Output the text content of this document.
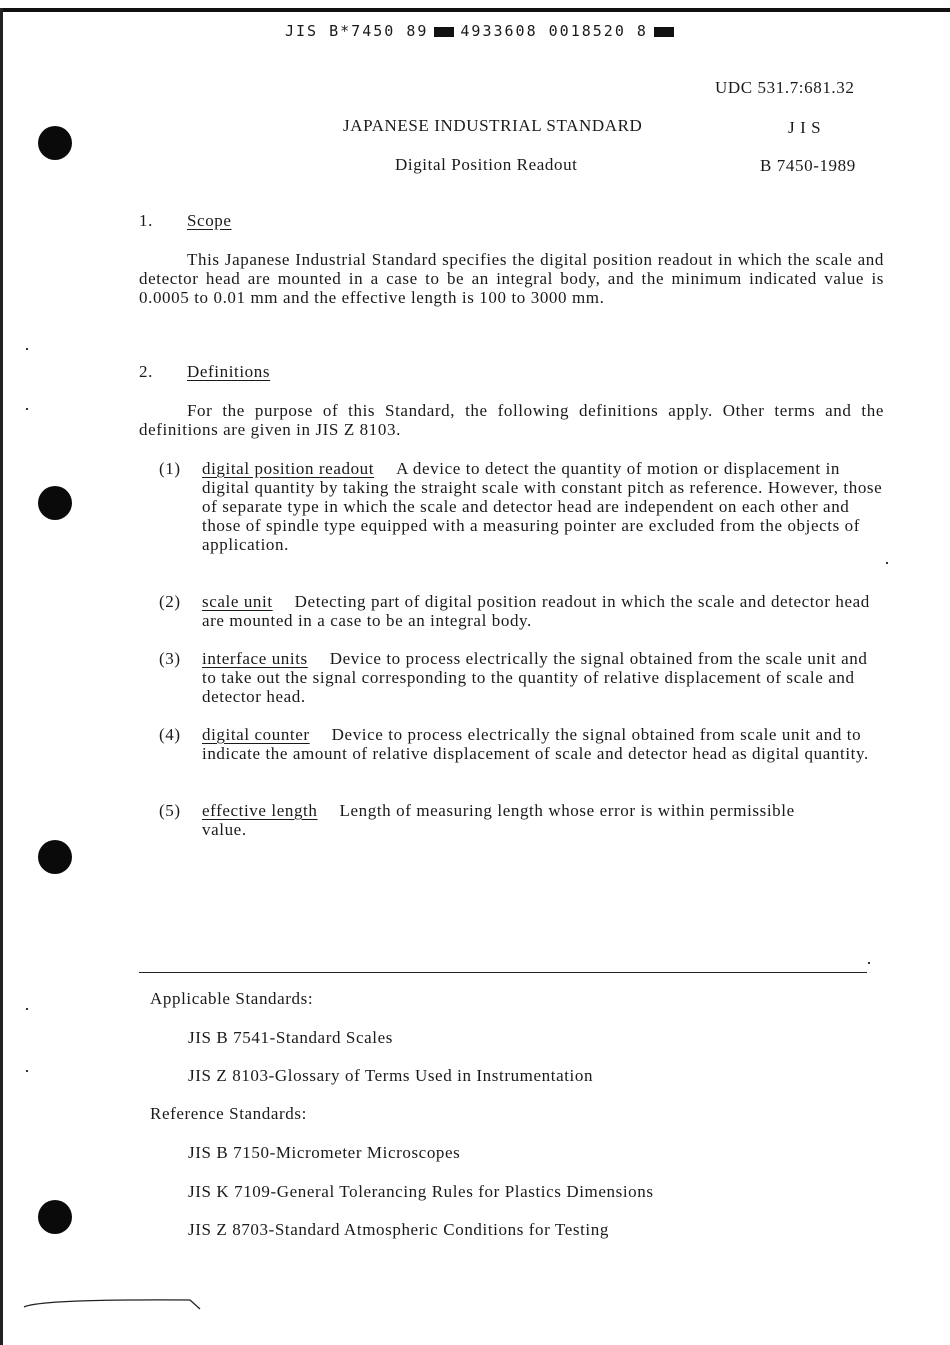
JIS B*7450 89 4933608 0018520 8
UDC 531.7:681.32
JAPANESE INDUSTRIAL STANDARD	J I S
Digital Position Readout	B 7450-1989
1. Scope
This Japanese Industrial Standard specifies the digital position readout in which the scale and detector head are mounted in a case to be an integral body, and the minimum indicated value is 0.0005 to 0.01 mm and the effective length is 100 to 3000 mm.
2. Definitions
For the purpose of this Standard, the following definitions apply. Other terms and the definitions are given in JIS Z 8103.
(1) digital position readout A device to detect the quantity of motion or displacement in digital quantity by taking the straight scale with constant pitch as reference. However, those of separate type in which the scale and detector head are independent on each other and those of spindle type equipped with a measuring pointer are excluded from the objects of application.
(2) scale unit Detecting part of digital position readout in which the scale and detector head are mounted in a case to be an integral body.
(3) interface units Device to process electrically the signal obtained from the scale unit and to take out the signal corresponding to the quantity of relative displacement of scale and detector head.
(4) digital counter Device to process electrically the signal obtained from scale unit and to indicate the amount of relative displacement of scale and detector head as digital quantity.
(5) effective length Length of measuring length whose error is within permissible value.
Applicable Standards:
JIS B 7541-Standard Scales
JIS Z 8103-Glossary of Terms Used in Instrumentation
Reference Standards:
JIS B 7150-Micrometer Microscopes
JIS K 7109-General Tolerancing Rules for Plastics Dimensions
JIS Z 8703-Standard Atmospheric Conditions for Testing
